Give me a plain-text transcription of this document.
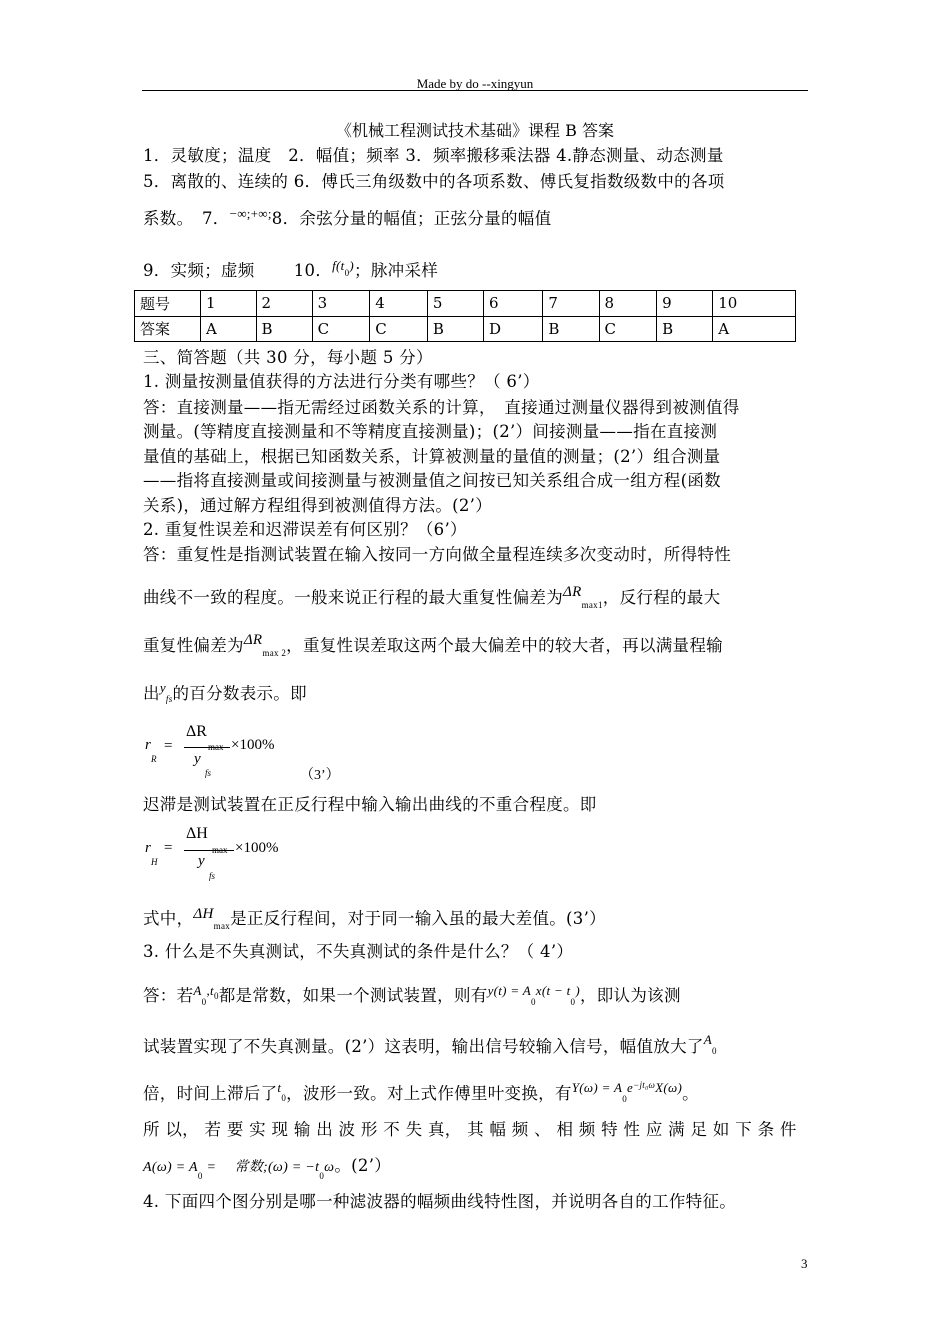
Made by do --xingyun
《机械工程测试技术基础》课程 B 答案
1．灵敏度；温度　2．幅值；频率 3．频率搬移乘法器 4.静态测量、动态测量
5．离散的、连续的 6．傅氏三角级数中的各项系数、傅氏复指数级数中的各项
系数。　7．−∞;+∞;8．余弦分量的幅值；正弦分量的幅值
9．实频；虚频　　 10．$^{f(t_0)}$；脉冲采样
题号	1	2	3	4	5	6	7	8	9	10
答案	A	B	C	C	B	D	B	C	B	A
三、简答题（共 30 分，每小题 5 分）
1. 测量按测量值获得的方法进行分类有哪些？（ 6’）
答：直接测量——指无需经过函数关系的计算，　直接通过测量仪器得到被测值得
测量。(等精度直接测量和不等精度直接测量)；(2’）间接测量——指在直接测
量值的基础上，根据已知函数关系，计算被测量的量值的测量；(2’）组合测量
——指将直接测量或间接测量与被测量值之间按已知关系组合成一组方程(函数
关系)，通过解方程组得到被测值得方法。(2’）
2. 重复性误差和迟滞误差有何区别？（6’）
答：重复性是指测试装置在输入按同一方向做全量程连续多次变动时，所得特性
曲线不一致的程度。一般来说正行程的最大重复性偏差为$\Delta R_{max1}$，反行程的最大
重复性偏差为$\Delta R_{max 2}$，重复性误差取这两个最大偏差中的较大者，再以满量程输
出$^{y_{fs}}$的百分数表示。即
r
R
=
ΔR
max
y
fs
×100%
（3’）
迟滞是测试装置在正反行程中输入输出曲线的不重合程度。即
r
H
=
ΔH
max
y
fs
×100%
式中，$\Delta H_{max}$是正反行程间，对于同一输入虽的最大差值。(3’）
3. 什么是不失真测试，不失真测试的条件是什么？（ 4’）
答：若$^{A_0,t_0}$都是常数，如果一个测试装置，则有$^{y(t) = A_0x(t - t_0)}$，即认为该测
试装置实现了不失真测量。(2’）这表明，输出信号较输入信号，幅值放大了$^{A_0}$
倍，时间上滞后了$^{t_0}$，波形一致。对上式作傅里叶变换，有$^{Y(\omega) = A_0e^{-jt_0\omega}X(\omega)}$。
所 以， 若 要 实 现 输 出 波 形 不 失 真， 其 幅 频 、 相 频 特 性 应 满 足 如 下 条 件
$A(\omega) = A_0$ = 　常数;(ω) = $-t_0\omega$。(2’）
4. 下面四个图分别是哪一种滤波器的幅频曲线特性图，并说明各自的工作特征。
3
